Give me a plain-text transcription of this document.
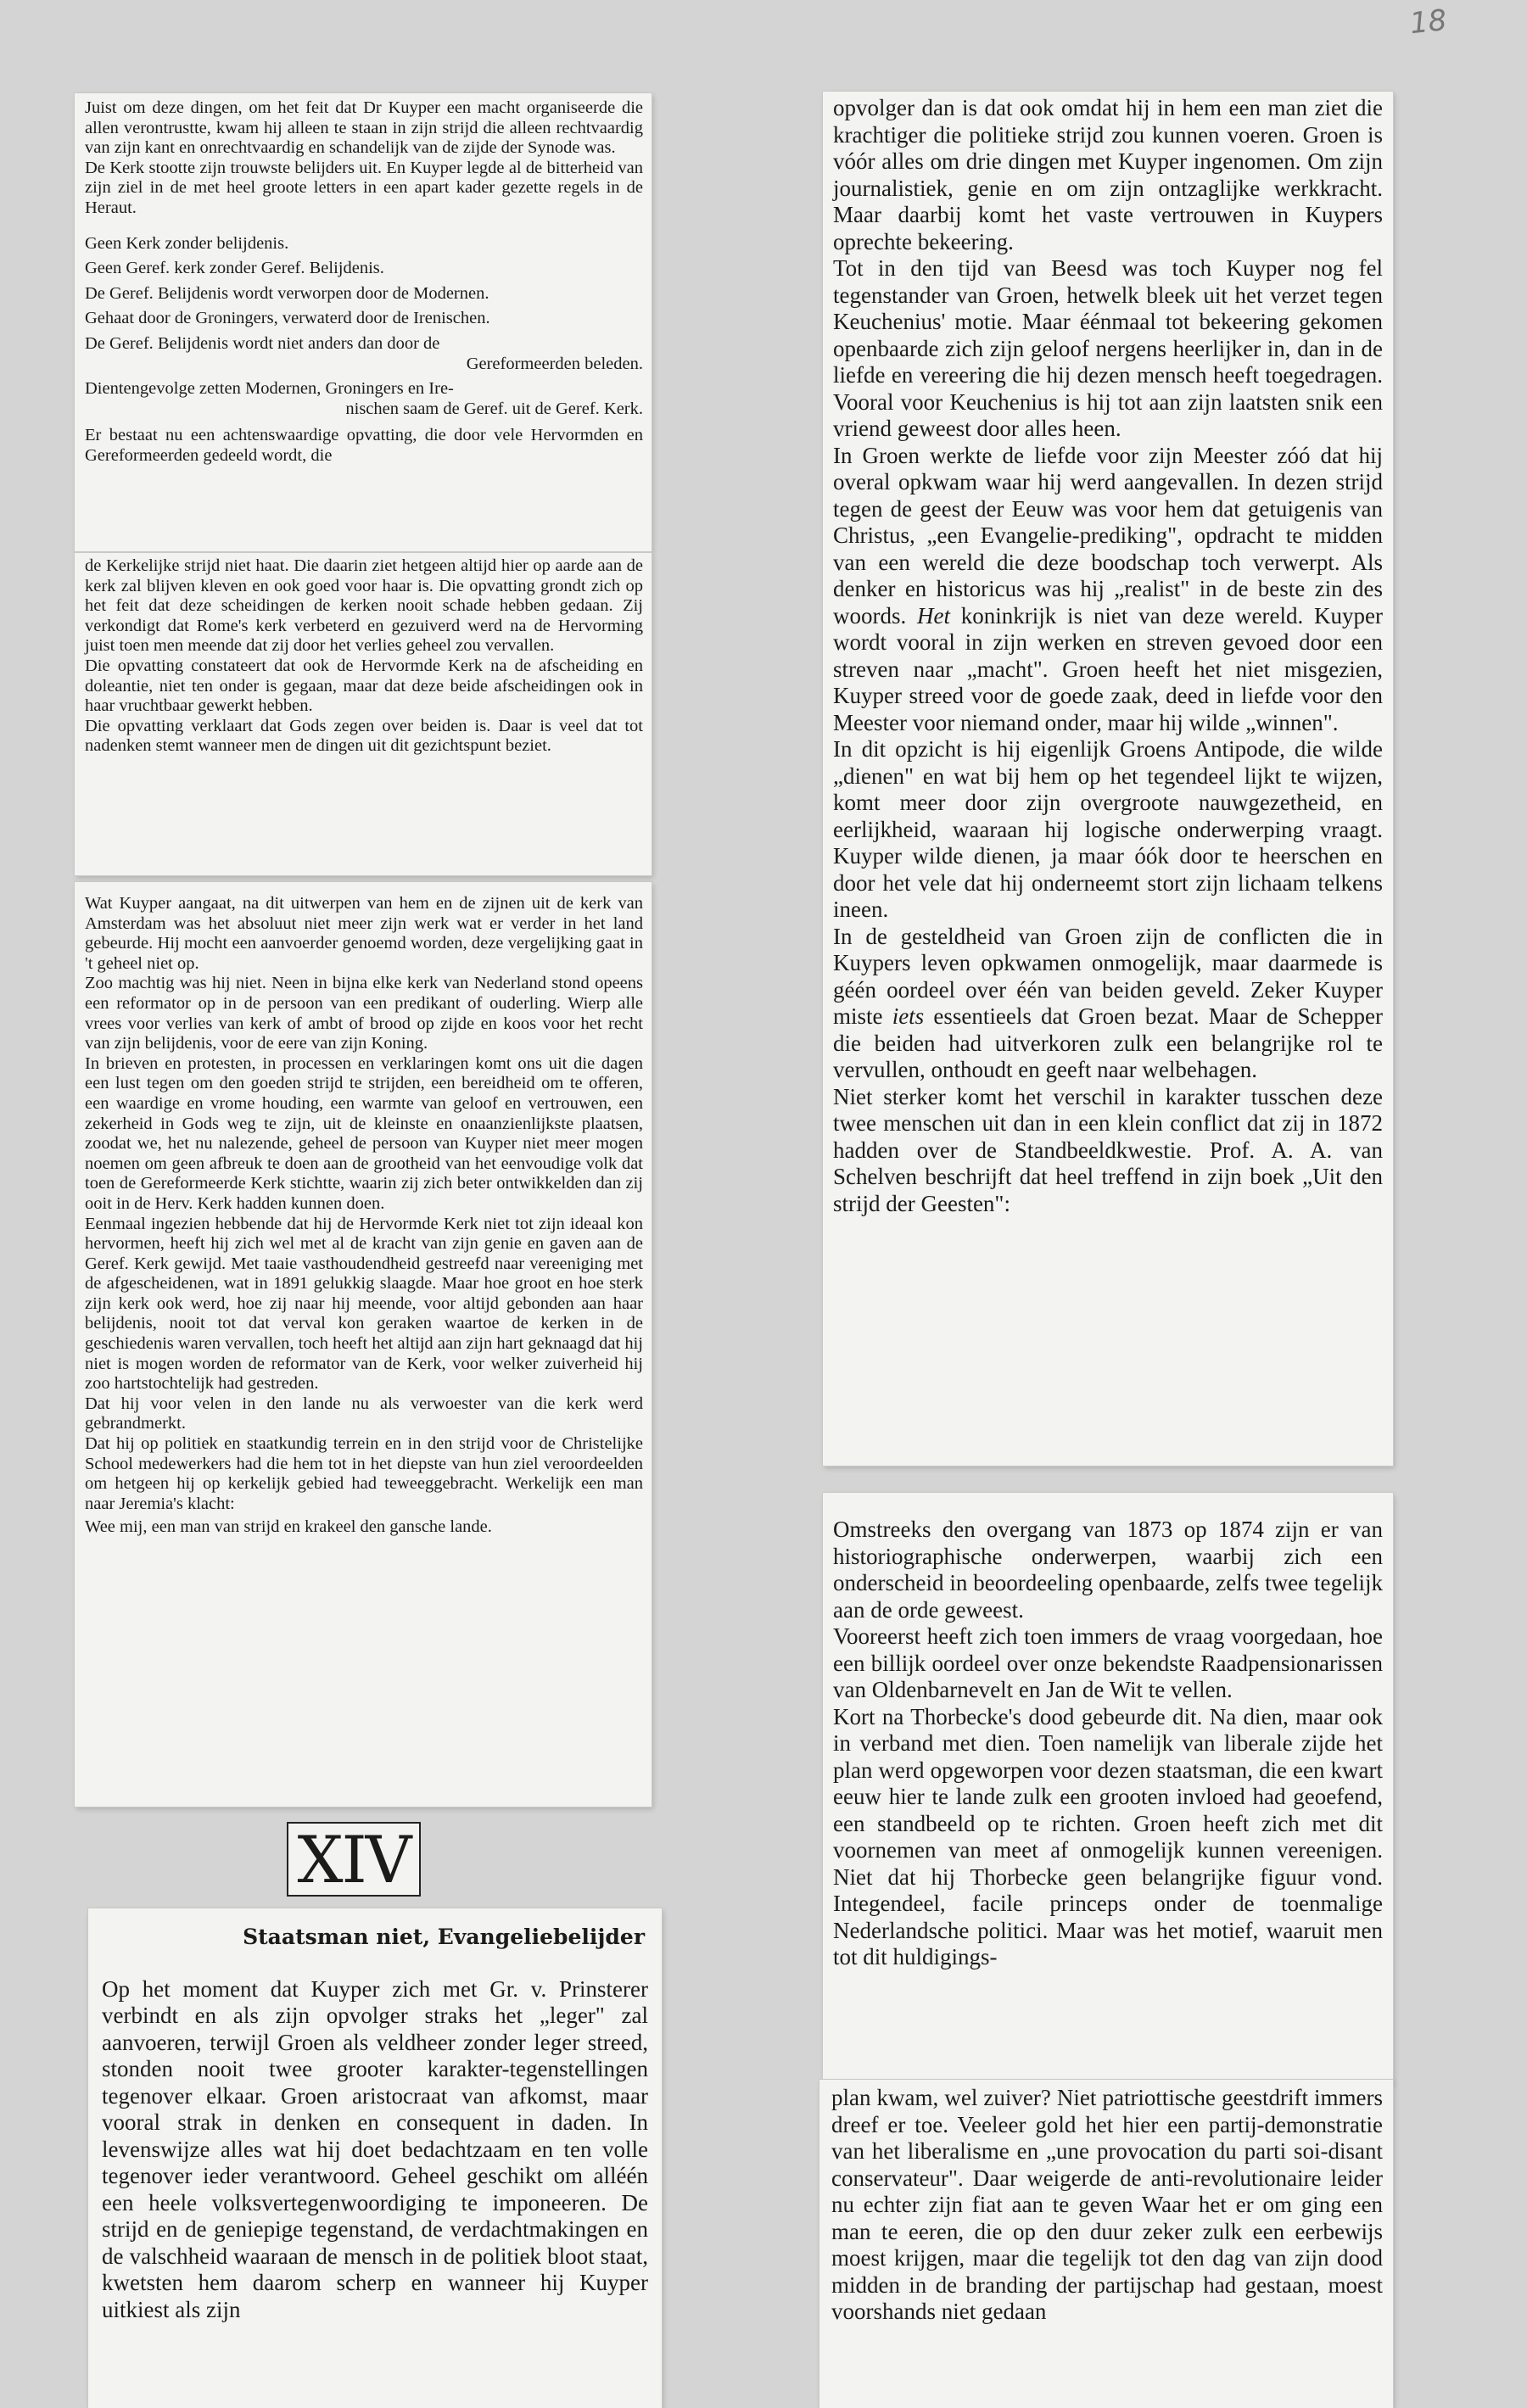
18

Juist om deze dingen, om het feit dat Dr Kuyper een macht organiseerde die allen verontrustte, kwam hij alleen te staan in zijn strijd die alleen rechtvaardig van zijn kant en onrechtvaardig en schandelijk van de zijde der Synode was.

De Kerk stootte zijn trouwste belijders uit. En Kuyper legde al de bitterheid van zijn ziel in de met heel groote letters in een apart kader gezette regels in de Heraut.

Geen Kerk zonder belijdenis.

Geen Geref. kerk zonder Geref. Belijdenis.

De Geref. Belijdenis wordt verworpen door de Modernen.

Gehaat door de Groningers, verwaterd door de Irenischen.

De Geref. Belijdenis wordt niet anders dan door de

Gereformeerden beleden.

Dientengevolge zetten Modernen, Groningers en Ire-

nischen saam de Geref. uit de Geref. Kerk.

Er bestaat nu een achtenswaardige opvatting, die door vele Hervormden en Gereformeerden gedeeld wordt, die

de Kerkelijke strijd niet haat. Die daarin ziet hetgeen altijd hier op aarde aan de kerk zal blijven kleven en ook goed voor haar is. Die opvatting grondt zich op het feit dat deze scheidingen de kerken nooit schade hebben gedaan. Zij verkondigt dat Rome's kerk verbeterd en gezuiverd werd na de Hervorming juist toen men meende dat zij door het verlies geheel zou vervallen.

Die opvatting constateert dat ook de Hervormde Kerk na de afscheiding en doleantie, niet ten onder is gegaan, maar dat deze beide afscheidingen ook in haar vruchtbaar gewerkt hebben.

Die opvatting verklaart dat Gods zegen over beiden is. Daar is veel dat tot nadenken stemt wanneer men de dingen uit dit gezichtspunt beziet.

Wat Kuyper aangaat, na dit uitwerpen van hem en de zijnen uit de kerk van Amsterdam was het absoluut niet meer zijn werk wat er verder in het land gebeurde. Hij mocht een aanvoerder genoemd worden, deze vergelijking gaat in 't geheel niet op.

Zoo machtig was hij niet. Neen in bijna elke kerk van Nederland stond opeens een reformator op in de persoon van een predikant of ouderling. Wierp alle vrees voor verlies van kerk of ambt of brood op zijde en koos voor het recht van zijn belijdenis, voor de eere van zijn Koning.

In brieven en protesten, in processen en verklaringen komt ons uit die dagen een lust tegen om den goeden strijd te strijden, een bereidheid om te offeren, een waardige en vrome houding, een warmte van geloof en vertrouwen, een zekerheid in Gods weg te zijn, uit de kleinste en onaanzienlijkste plaatsen, zoodat we, het nu nalezende, geheel de persoon van Kuyper niet meer mogen noemen om geen afbreuk te doen aan de grootheid van het eenvoudige volk dat toen de Gereformeerde Kerk stichtte, waarin zij zich beter ontwikkelden dan zij ooit in de Herv. Kerk hadden kunnen doen.

Eenmaal ingezien hebbende dat hij de Hervormde Kerk niet tot zijn ideaal kon hervormen, heeft hij zich wel met al de kracht van zijn genie en gaven aan de Geref. Kerk gewijd. Met taaie vasthoudendheid gestreefd naar vereeniging met de afgescheidenen, wat in 1891 gelukkig slaagde. Maar hoe groot en hoe sterk zijn kerk ook werd, hoe zij naar hij meende, voor altijd gebonden aan haar belijdenis, nooit tot dat verval kon geraken waartoe de kerken in de geschiedenis waren vervallen, toch heeft het altijd aan zijn hart geknaagd dat hij niet is mogen worden de reformator van de Kerk, voor welker zuiverheid hij zoo hartstochtelijk had gestreden.

Dat hij voor velen in den lande nu als verwoester van die kerk werd gebrandmerkt.

Dat hij op politiek en staatkundig terrein en in den strijd voor de Christelijke School medewerkers had die hem tot in het diepste van hun ziel veroordeelden om hetgeen hij op kerkelijk gebied had teweeggebracht. Werkelijk een man naar Jeremia's klacht:

Wee mij, een man van strijd en krakeel den gansche lande.

XIV

Staatsman niet, Evangeliebelijder

Op het moment dat Kuyper zich met Gr. v. Prinsterer verbindt en als zijn opvolger straks het „leger" zal aanvoeren, terwijl Groen als veldheer zonder leger streed, stonden nooit twee grooter karakter-tegenstellingen tegenover elkaar. Groen aristocraat van afkomst, maar vooral strak in denken en consequent in daden. In levenswijze alles wat hij doet bedachtzaam en ten volle tegenover ieder verantwoord. Geheel geschikt om alléén een heele volksvertegenwoordiging te imponeeren. De strijd en de geniepige tegenstand, de verdachtmakingen en de valschheid waaraan de mensch in de politiek bloot staat, kwetsten hem daarom scherp en wanneer hij Kuyper uitkiest als zijn

opvolger dan is dat ook omdat hij in hem een man ziet die krachtiger die politieke strijd zou kunnen voeren. Groen is vóór alles om drie dingen met Kuyper ingenomen. Om zijn journalistiek, genie en om zijn ontzaglijke werkkracht. Maar daarbij komt het vaste vertrouwen in Kuypers oprechte bekeering.

Tot in den tijd van Beesd was toch Kuyper nog fel tegenstander van Groen, hetwelk bleek uit het verzet tegen Keuchenius' motie. Maar éénmaal tot bekeering gekomen openbaarde zich zijn geloof nergens heerlijker in, dan in de liefde en vereering die hij dezen mensch heeft toegedragen. Vooral voor Keuchenius is hij tot aan zijn laatsten snik een vriend geweest door alles heen.

In Groen werkte de liefde voor zijn Meester zóó dat hij overal opkwam waar hij werd aangevallen. In dezen strijd tegen de geest der Eeuw was voor hem dat getuigenis van Christus, „een Evangelie-prediking", opdracht te midden van een wereld die deze boodschap toch verwerpt. Als denker en historicus was hij „realist" in de beste zin des woords. Het koninkrijk is niet van deze wereld. Kuyper wordt vooral in zijn werken en streven gevoed door een streven naar „macht". Groen heeft het niet misgezien, Kuyper streed voor de goede zaak, deed in liefde voor den Meester voor niemand onder, maar hij wilde „winnen".

In dit opzicht is hij eigenlijk Groens Antipode, die wilde „dienen" en wat bij hem op het tegendeel lijkt te wijzen, komt meer door zijn overgroote nauwgezetheid, en eerlijkheid, waaraan hij logische onderwerping vraagt. Kuyper wilde dienen, ja maar óók door te heerschen en door het vele dat hij onderneemt stort zijn lichaam telkens ineen.

In de gesteldheid van Groen zijn de conflicten die in Kuypers leven opkwamen onmogelijk, maar daarmede is géén oordeel over één van beiden geveld. Zeker Kuyper miste iets essentieels dat Groen bezat. Maar de Schepper die beiden had uitverkoren zulk een belangrijke rol te vervullen, onthoudt en geeft naar welbehagen.

Niet sterker komt het verschil in karakter tusschen deze twee menschen uit dan in een klein conflict dat zij in 1872 hadden over de Standbeeldkwestie. Prof. A. A. van Schelven beschrijft dat heel treffend in zijn boek „Uit den strijd der Geesten":

Omstreeks den overgang van 1873 op 1874 zijn er van historiographische onderwerpen, waarbij zich een onderscheid in beoordeeling openbaarde, zelfs twee tegelijk aan de orde geweest.

Vooreerst heeft zich toen immers de vraag voorgedaan, hoe een billijk oordeel over onze bekendste Raadpensionarissen van Oldenbarnevelt en Jan de Wit te vellen.

Kort na Thorbecke's dood gebeurde dit. Na dien, maar ook in verband met dien. Toen namelijk van liberale zijde het plan werd opgeworpen voor dezen staatsman, die een kwart eeuw hier te lande zulk een grooten invloed had geoefend, een standbeeld op te richten. Groen heeft zich met dit voornemen van meet af onmogelijk kunnen vereenigen. Niet dat hij Thorbecke geen belangrijke figuur vond. Integendeel, facile princeps onder de toenmalige Nederlandsche politici. Maar was het motief, waaruit men tot dit huldigings-

plan kwam, wel zuiver? Niet patriottische geestdrift immers dreef er toe. Veeleer gold het hier een partij-demonstratie van het liberalisme en „une provocation du parti soi-disant conservateur". Daar weigerde de anti-revolutionaire leider nu echter zijn fiat aan te geven Waar het er om ging een man te eeren, die op den duur zeker zulk een eerbewijs moest krijgen, maar die tegelijk tot den dag van zijn dood midden in de branding der partijschap had gestaan, moest voorshands niet gedaan
